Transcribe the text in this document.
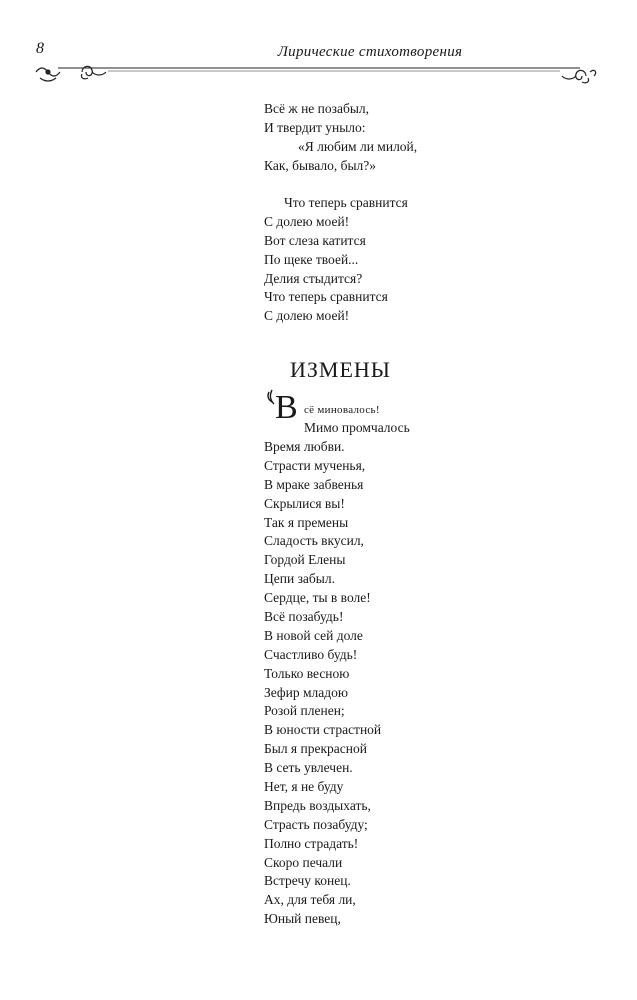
8	Лирические стихотворения
Всё ж не позабыл,
И твердит уныло:
«Я любим ли милой,
Как, бывало, был?»
Что теперь сравнится
С долею моей!
Вот слеза катится
По щеке твоей...
Делия стыдится?
Что теперь сравнится
С долею моей!
ИЗМЕНЫ
В сё миновалось!
Мимо промчалось
Время любви.
Страсти мученья,
В мраке забвенья
Скрылися вы!
Так я премены
Сладость вкусил,
Гордой Елены
Цепи забыл.
Сердце, ты в воле!
Всё позабудь!
В новой сей доле
Счастливо будь!
Только весною
Зефир младою
Розой пленен;
В юности страстной
Был я прекрасной
В сеть увлечен.
Нет, я не буду
Впредь воздыхать,
Страсть позабуду;
Полно страдать!
Скоро печали
Встречу конец.
Ах, для тебя ли,
Юный певец,
